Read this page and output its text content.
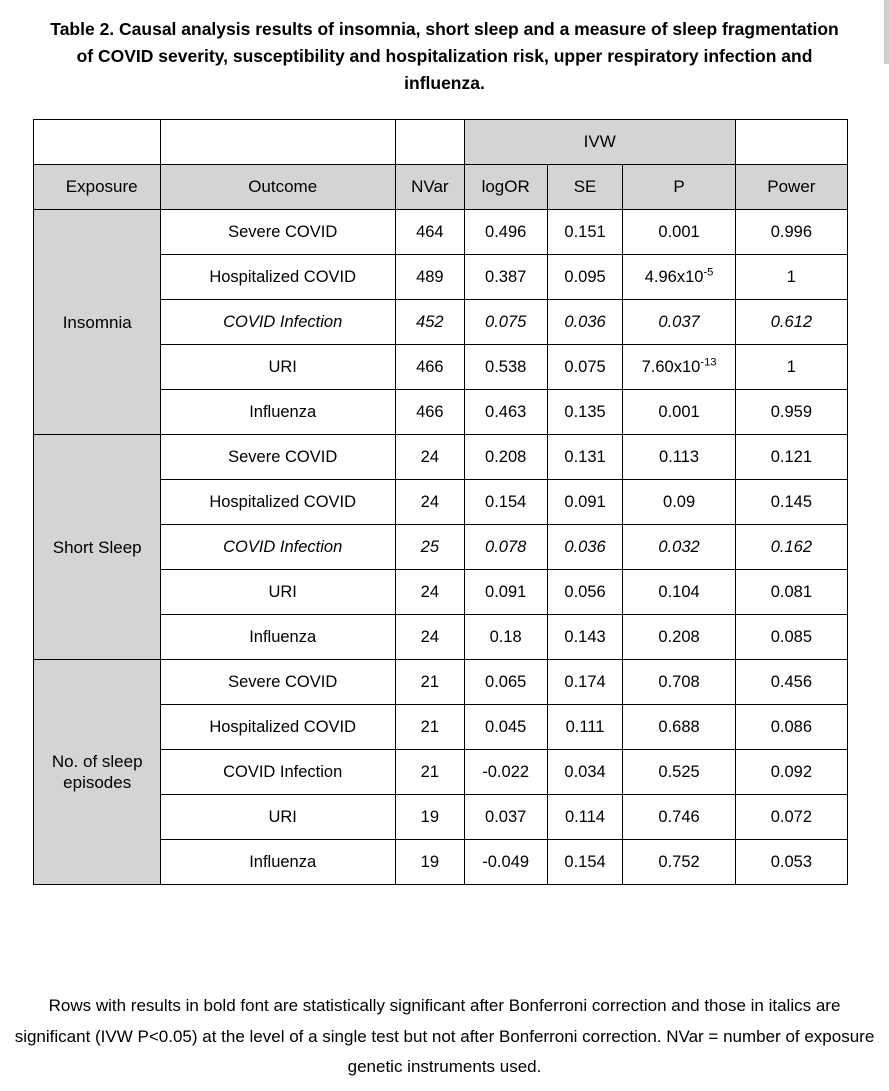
Table 2. Causal analysis results of insomnia, short sleep and a measure of sleep fragmentation of COVID severity, susceptibility and hospitalization risk, upper respiratory infection and influenza.
			IVW			
Exposure	Outcome	NVar	logOR	SE	P	Power
Insomnia	Severe COVID	464	0.496	0.151	0.001	0.996
	Hospitalized COVID	489	0.387	0.095	$4.96x10^{-5}$	1
	COVID Infection	452	0.075	0.036	0.037	0.612
	URI	466	0.538	0.075	$7.60x10^{-13}$	1
	Influenza	466	0.463	0.135	0.001	0.959
Short Sleep	Severe COVID	24	0.208	0.131	0.113	0.121
	Hospitalized COVID	24	0.154	0.091	0.09	0.145
	COVID Infection	25	0.078	0.036	0.032	0.162
	URI	24	0.091	0.056	0.104	0.081
	Influenza	24	0.18	0.143	0.208	0.085
No. of sleep episodes	Severe COVID	21	0.065	0.174	0.708	0.456
	Hospitalized COVID	21	0.045	0.111	0.688	0.086
	COVID Infection	21	-0.022	0.034	0.525	0.092
	URI	19	0.037	0.114	0.746	0.072
	Influenza	19	-0.049	0.154	0.752	0.053
Rows with results in bold font are statistically significant after Bonferroni correction and those in italics are significant (IVW P<0.05) at the level of a single test but not after Bonferroni correction. NVar = number of exposure genetic instruments used.
